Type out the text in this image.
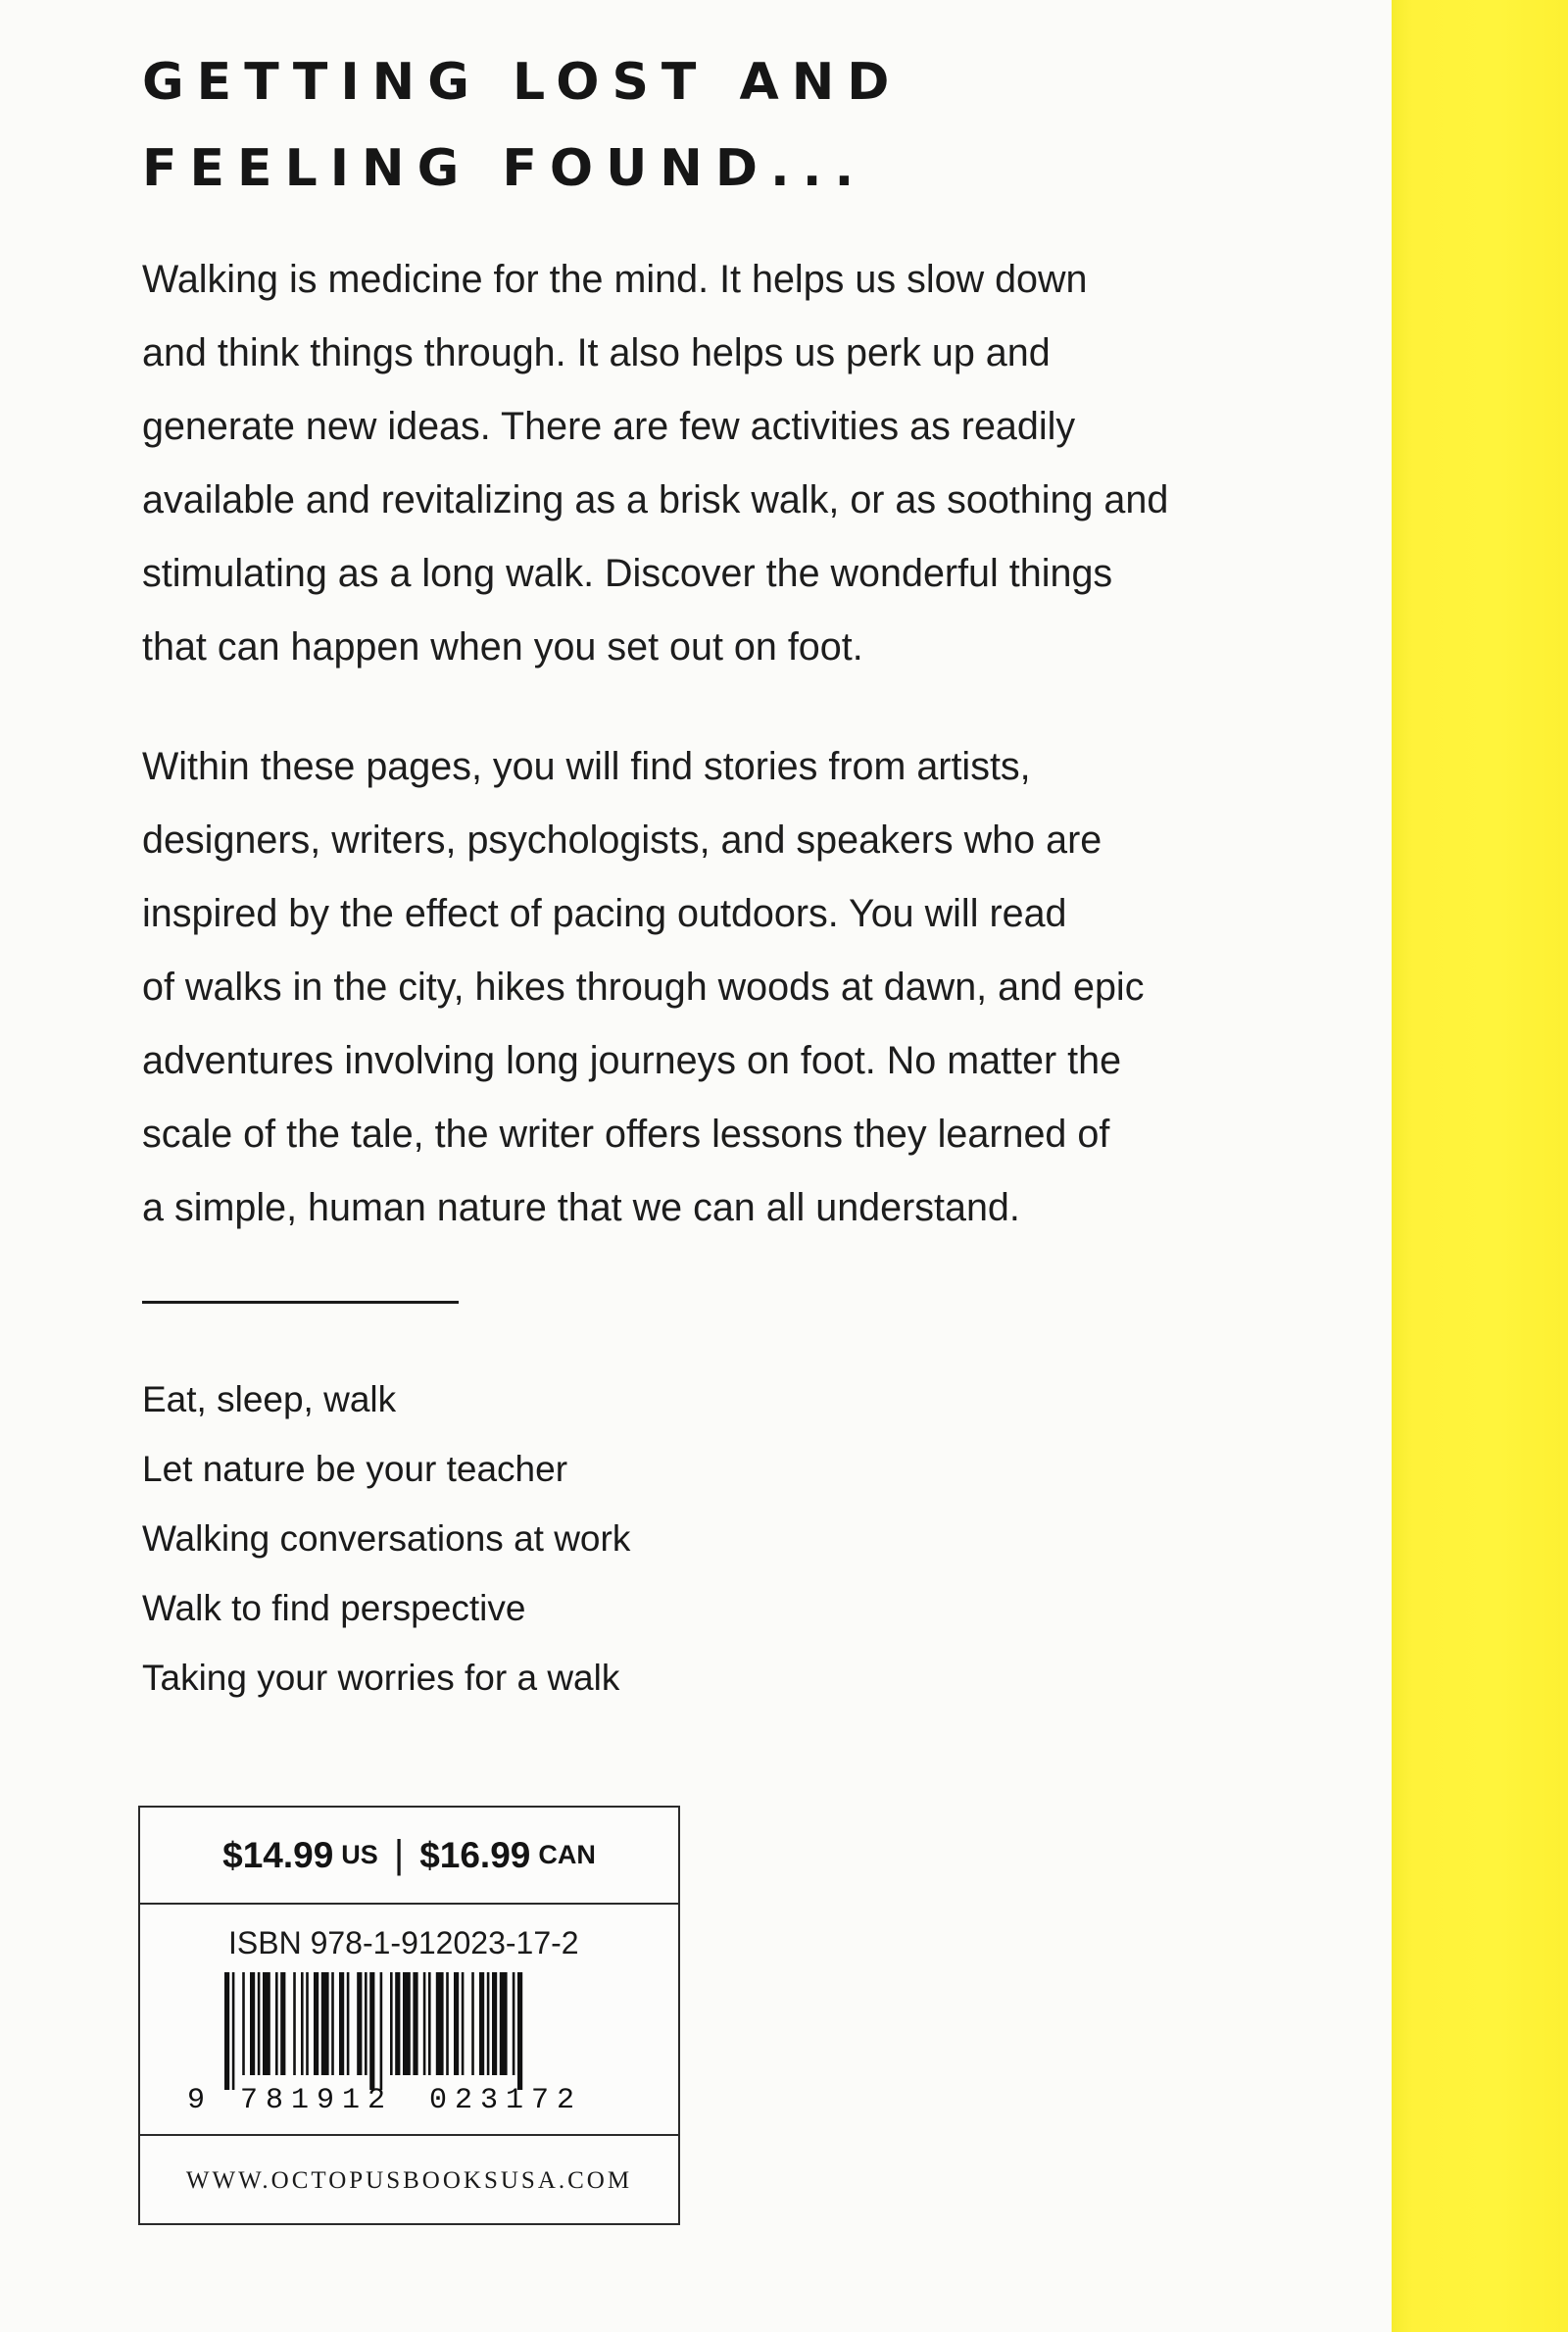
GETTING LOST AND
FEELING FOUND...

Walking is medicine for the mind. It helps us slow down
and think things through. It also helps us perk up and
generate new ideas. There are few activities as readily
available and revitalizing as a brisk walk, or as soothing and
stimulating as a long walk. Discover the wonderful things
that can happen when you set out on foot.

Within these pages, you will find stories from artists,
designers, writers, psychologists, and speakers who are
inspired by the effect of pacing outdoors. You will read
of walks in the city, hikes through woods at dawn, and epic
adventures involving long journeys on foot. No matter the
scale of the tale, the writer offers lessons they learned of
a simple, human nature that we can all understand.

Eat, sleep, walk
Let nature be your teacher
Walking conversations at work
Walk to find perspective
Taking your worries for a walk
$14.99 US | $16.99 CAN
ISBN 978-1-912023-17-2
9 781912 023172
WWW.OCTOPUSBOOKSUSA.COM
